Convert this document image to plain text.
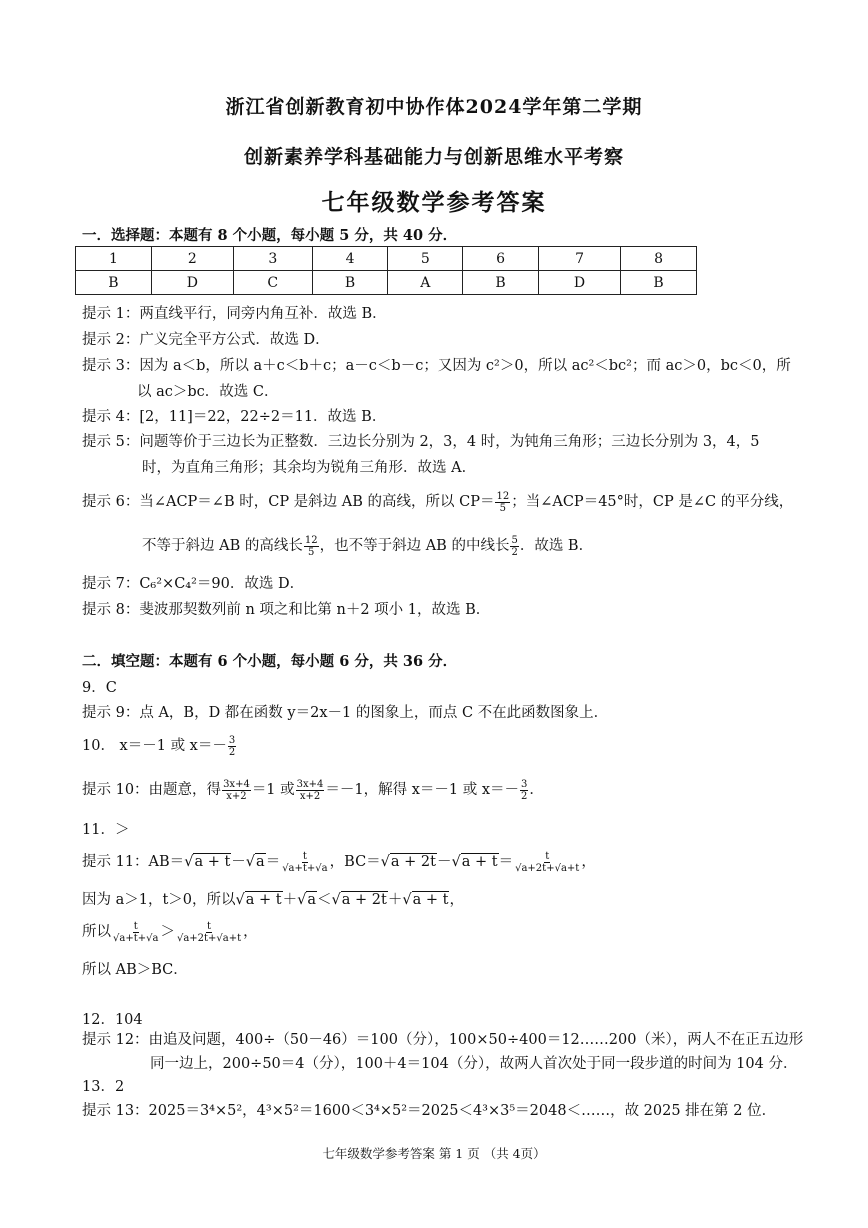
浙江省创新教育初中协作体2024学年第二学期
创新素养学科基础能力与创新思维水平考察
七年级数学参考答案
一．选择题：本题有 8 个小题，每小题 5 分，共 40 分．
1	2	3	4	5	6	7	8
B	D	C	B	A	B	D	B
提示 1：两直线平行，同旁内角互补．故选 B．
提示 2：广义完全平方公式．故选 D．
提示 3：因为 a＜b，所以 a＋c＜b＋c；a－c＜b－c；又因为 c²＞0，所以 ac²＜bc²；而 ac＞0，bc＜0，所
以 ac＞bc．故选 C．
提示 4：[2，11]＝22，22÷2＝11．故选 B．
提示 5：问题等价于三边长为正整数．三边长分别为 2，3，4 时，为钝角三角形；三边长分别为 3，4，5
时，为直角三角形；其余均为锐角三角形．故选 A．
提示 6：当∠ACP＝∠B 时，CP 是斜边 AB 的高线，所以 $CP= \frac{12}{5}$ ；当∠ACP＝45°时，CP 是∠C 的平分线，
不等于斜边 AB 的高线长 $\frac{12}{5}$ ，也不等于斜边 AB 的中线长 $\frac{5}{2}$ ．故选 B．
提示 7：C₆²×C₄²＝90．故选 D．
提示 8：斐波那契数列前 n 项之和比第 n＋2 项小 1，故选 B．
二．填空题：本题有 6 个小题，每小题 6 分，共 36 分．
9．C
提示 9：点 A，B，D 都在函数 y＝2x－1 的图象上，而点 C 不在此函数图象上．
10． x＝－1 或 $x=- \frac{3}{2}$
提示 10：由题意，得 $\frac{3x+4}{x+2} =1$ 或 $\frac{3x+4}{x+2} =-1$，解得 x＝－1 或 $x=- \frac{3}{2}$ ．
11．＞
提示 11：$AB=√a + t-√a= \frac{t}{√a+t+√a}$ ，$BC=√a + 2t-√a + t= \frac{t}{√a+2t+√a+t}$ ，
因为 a＞1，t＞0，所以√a + t＋√a＜√a + 2t＋√a + t，
所以 $\frac{t}{√a+t+√a} > \frac{t}{√a+2t+√a+t}$ ，
所以 AB＞BC．
12．104
提示 12：由追及问题，400÷（50－46）＝100（分），100×50÷400＝12……200（米），两人不在正五边形
同一边上，200÷50＝4（分），100＋4＝104（分），故两人首次处于同一段步道的时间为 104 分．
13．2
提示 13：2025＝3⁴×5²，4³×5²＝1600＜3⁴×5²＝2025＜4³×3⁵＝2048＜……，故 2025 排在第 2 位．
七年级数学参考答案 第 1 页 （共 4页）
